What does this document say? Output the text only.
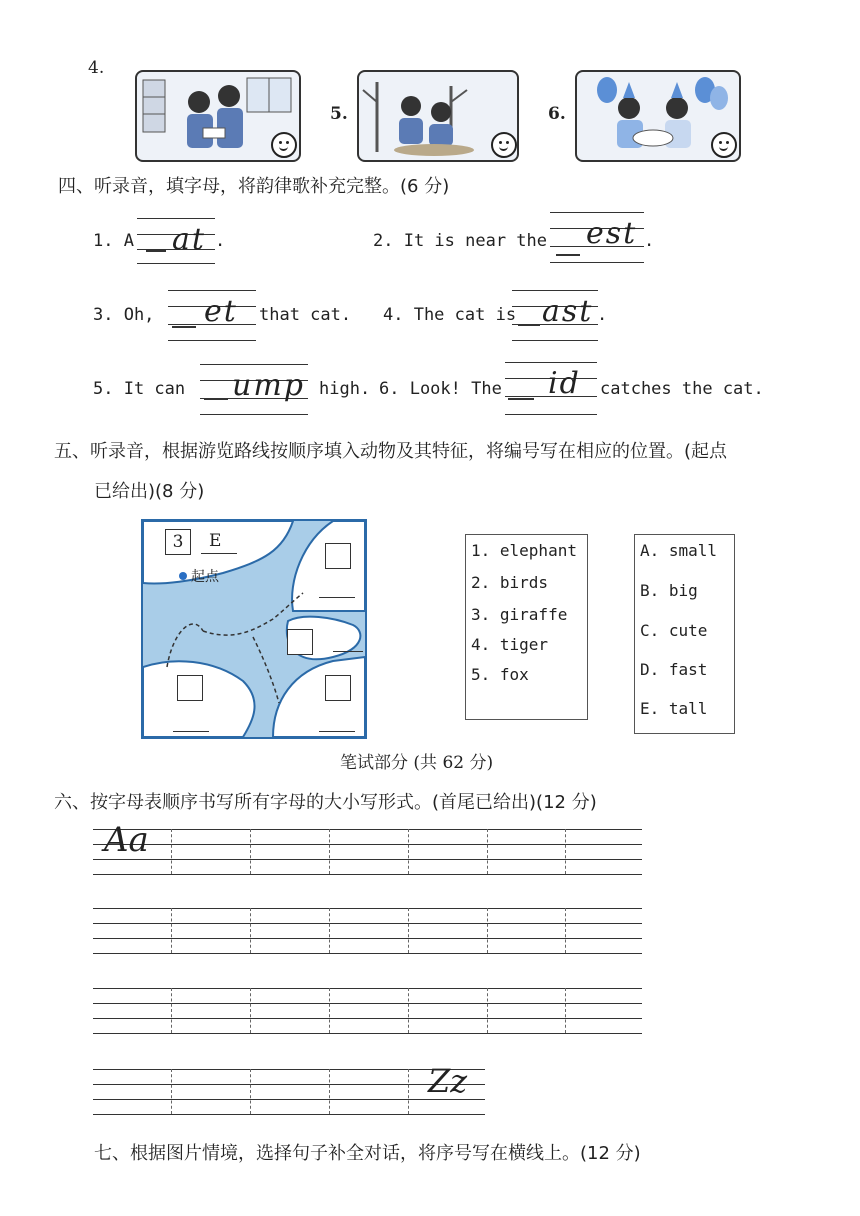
4.
5.	6.
四、听录音，填字母，将韵律歌补充完整。(6 分)
1. A at .	2. It is near the est .
3. Oh, et that cat. 4. The cat is ast .
5. It can ump high. 6. Look! The id catches the cat.
五、听录音，根据游览路线按顺序填入动物及其特征，将编号写在相应的位置。(起点
已给出)(8 分)
3	E
起点
1. elephant
2. birds
3. giraffe
4. tiger
5. fox
A. small
B. big
C. cute
D. fast
E. tall
笔试部分 (共 62 分)
六、按字母表顺序书写所有字母的大小写形式。(首尾已给出)(12 分)
Aa
Zz
七、根据图片情境，选择句子补全对话，将序号写在横线上。(12 分)
